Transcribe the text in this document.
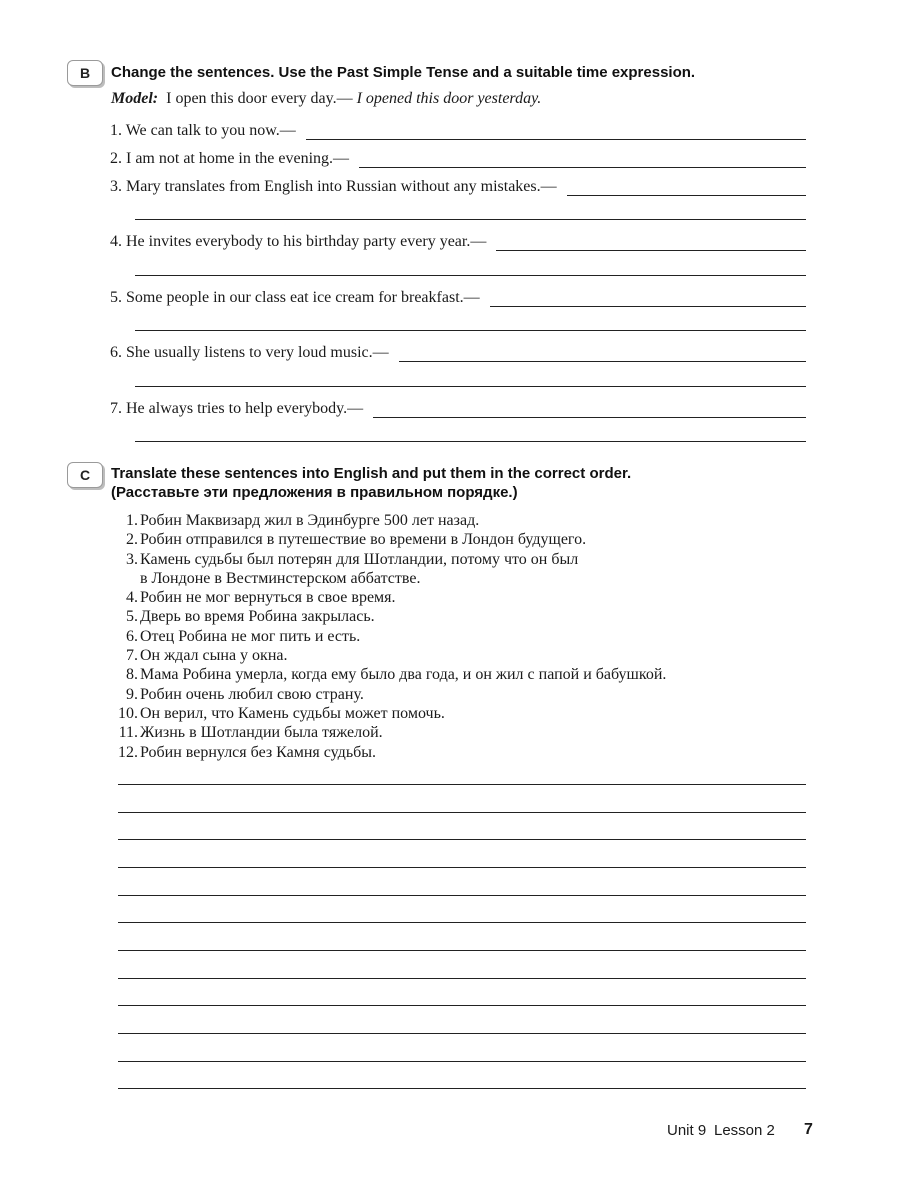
B	Change the sentences. Use the Past Simple Tense and a suitable time expression.
Model: I open this door every day.— I opened this door yesterday.
1. We can talk to you now.—
2. I am not at home in the evening.—
3. Mary translates from English into Russian without any mistakes.—
4. He invites everybody to his birthday party every year.—
5. Some people in our class eat ice cream for breakfast.—
6. She usually listens to very loud music.—
7. He always tries to help everybody.—
C	Translate these sentences into English and put them in the correct order.
(Расставьте эти предложения в правильном порядке.)
1. Робин Маквизард жил в Эдинбурге 500 лет назад.
2. Робин отправился в путешествие во времени в Лондон будущего.
3. Камень судьбы был потерян для Шотландии, потому что он был
в Лондоне в Вестминстерском аббатстве.
4. Робин не мог вернуться в свое время.
5. Дверь во время Робина закрылась.
6. Отец Робина не мог пить и есть.
7. Он ждал сына у окна.
8. Мама Робина умерла, когда ему было два года, и он жил с папой и бабушкой.
9. Робин очень любил свою страну.
10. Он верил, что Камень судьбы может помочь.
11. Жизнь в Шотландии была тяжелой.
12. Робин вернулся без Камня судьбы.
Unit 9 Lesson 2 7
